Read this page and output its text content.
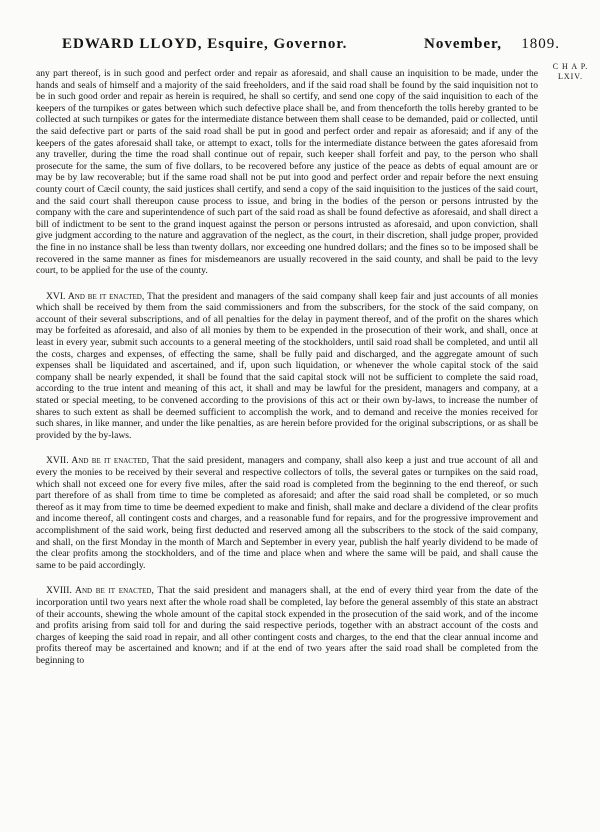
EDWARD LLOYD, Esquire, Governor.	November, 1809.
C H A P.
LXIV.

any part thereof, is in such good and perfect order and repair as aforesaid, and shall cause an inquisition to be made, under the hands and seals of himself and a majority of the said freeholders, and if the said road shall be found by the said inquisition not to be in such good order and repair as herein is required, he shall so certify, and send one copy of the said inquisition to each of the keepers of the turnpikes or gates between which such defective place shall be, and from thenceforth the tolls hereby granted to be collected at such turnpikes or gates for the intermediate distance between them shall cease to be demanded, paid or collected, until the said defective part or parts of the said road shall be put in good and perfect order and repair as aforesaid; and if any of the keepers of the gates aforesaid shall take, or attempt to exact, tolls for the intermediate distance between the gates aforesaid from any traveller, during the time the road shall continue out of repair, such keeper shall forfeit and pay, to the person who shall prosecute for the same, the sum of five dollars, to be recovered before any justice of the peace as debts of equal amount are or may be by law recoverable; but if the same road shall not be put into good and perfect order and repair before the next ensuing county court of Cæcil county, the said justices shall certify, and send a copy of the said inquisition to the justices of the said court, and the said court shall thereupon cause process to issue, and bring in the bodies of the person or persons intrusted by the company with the care and superintendence of such part of the said road as shall be found defective as aforesaid, and shall direct a bill of indictment to be sent to the grand inquest against the person or persons intrusted as aforesaid, and upon conviction, shall give judgment according to the nature and aggravation of the neglect, as the court, in their discretion, shall judge proper, provided the fine in no instance shall be less than twenty dollars, nor exceeding one hundred dollars; and the fines so to be imposed shall be recovered in the same manner as fines for misdemeanors are usually recovered in the said county, and shall be paid to the levy court, to be applied for the use of the county.

XVI. And be it enacted, That the president and managers of the said company shall keep fair and just accounts of all monies which shall be received by them from the said commissioners and from the subscribers, for the stock of the said company, on account of their several subscriptions, and of all penalties for the delay in payment thereof, and of the profit on the shares which may be forfeited as aforesaid, and also of all monies by them to be expended in the prosecution of their work, and shall, once at least in every year, submit such accounts to a general meeting of the stockholders, until said road shall be completed, and until all the costs, charges and expenses, of effecting the same, shall be fully paid and discharged, and the aggregate amount of such expenses shall be liquidated and ascertained, and if, upon such liquidation, or whenever the whole capital stock of the said company shall be nearly expended, it shall be found that the said capital stock will not be sufficient to complete the said road, according to the true intent and meaning of this act, it shall and may be lawful for the president, managers and company, at a stated or special meeting, to be convened according to the provisions of this act or their own by-laws, to increase the number of shares to such extent as shall be deemed sufficient to accomplish the work, and to demand and receive the monies received for such shares, in like manner, and under the like penalties, as are herein before provided for the original subscriptions, or as shall be provided by the by-laws.

XVII. And be it enacted, That the said president, managers and company, shall also keep a just and true account of all and every the monies to be received by their several and respective collectors of tolls, the several gates or turnpikes on the said road, which shall not exceed one for every five miles, after the said road is completed from the beginning to the end thereof, or such part therefore of as shall from time to time be completed as aforesaid; and after the said road shall be completed, or so much thereof as it may from time to time be deemed expedient to make and finish, shall make and declare a dividend of the clear profits and income thereof, all contingent costs and charges, and a reasonable fund for repairs, and for the progressive improvement and accomplishment of the said work, being first deducted and reserved among all the subscribers to the stock of the said company, and shall, on the first Monday in the month of March and September in every year, publish the half yearly dividend to be made of the clear profits among the stockholders, and of the time and place when and where the same will be paid, and shall cause the same to be paid accordingly.

XVIII. And be it enacted, That the said president and managers shall, at the end of every third year from the date of the incorporation until two years next after the whole road shall be completed, lay before the general assembly of this state an abstract of their accounts, shewing the whole amount of the capital stock expended in the prosecution of the said work, and of the income and profits arising from said toll for and during the said respective periods, together with an abstract account of the costs and charges of keeping the said road in repair, and all other contingent costs and charges, to the end that the clear annual income and profits thereof may be ascertained and known; and if at the end of two years after the said road shall be completed from the beginning to
